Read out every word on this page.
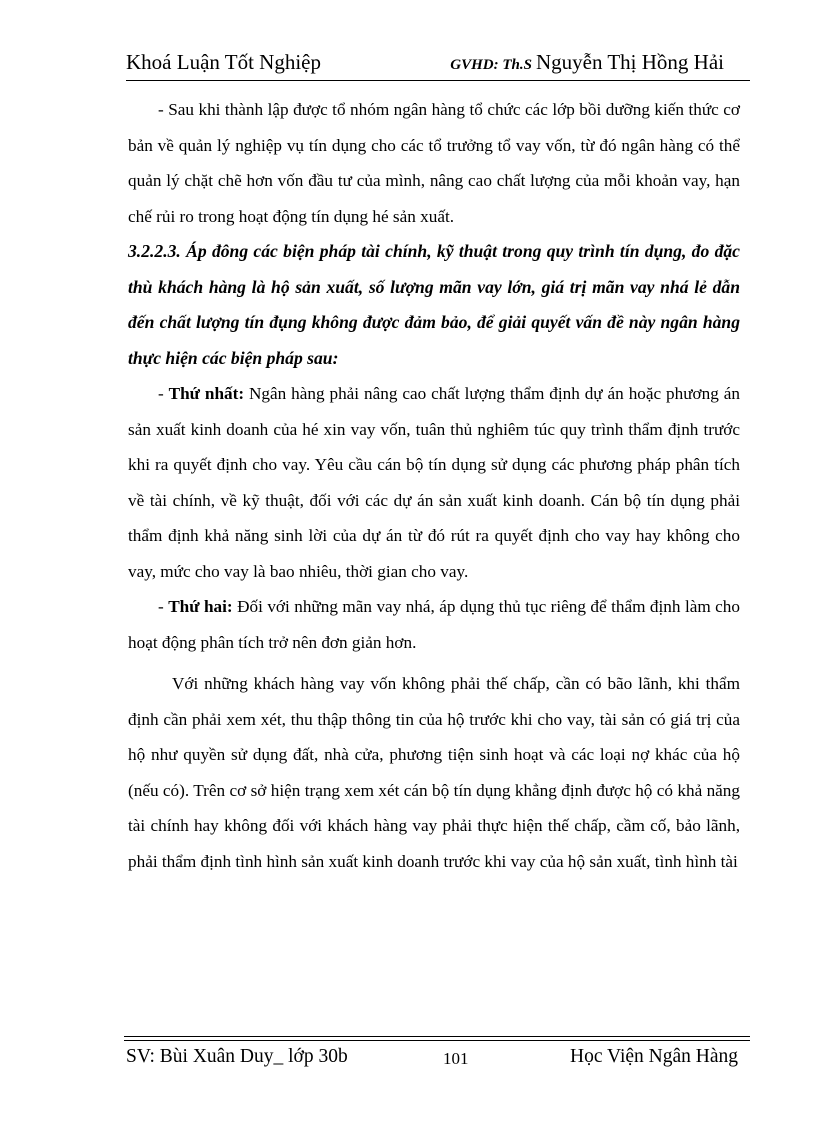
Khoá Luận Tốt Nghiệp	GVHD: Th.S Nguyễn Thị Hồng Hải

- Sau khi thành lập được tổ nhóm ngân hàng tổ chức các lớp bồi dưỡng kiến thức cơ bản về quản lý nghiệp vụ tín dụng cho các tổ trưởng tổ vay vốn, từ đó ngân hàng có thể quản lý chặt chẽ hơn vốn đầu tư của mình, nâng cao chất lượng của mỗi khoản vay, hạn chế rủi ro trong hoạt động tín dụng hé sản xuất.

3.2.2.3. Áp đông các biện pháp tài chính, kỹ thuật trong quy trình tín dụng, đo đặc thù khách hàng là hộ sản xuất, số lượng mãn vay lớn, giá trị mãn vay nhá lẻ dẫn đến chất lượng tín đụng không được đảm bảo, để giải quyết vấn đề này ngân hàng thực hiện các biện pháp sau:

- Thứ nhất: Ngân hàng phải nâng cao chất lượng thẩm định dự án hoặc phương án sản xuất kinh doanh của hé xin vay vốn, tuân thủ nghiêm túc quy trình thẩm định trước khi ra quyết định cho vay. Yêu cầu cán bộ tín dụng sử dụng các phương pháp phân tích về tài chính, về kỹ thuật, đối với các dự án sản xuất kinh doanh. Cán bộ tín dụng phải thẩm định khả năng sinh lời của dự án từ đó rút ra quyết định cho vay hay không cho vay, mức cho vay là bao nhiêu, thời gian cho vay.

- Thứ hai: Đối với những mãn vay nhá, áp dụng thủ tục riêng để thẩm định làm cho hoạt động phân tích trở nên đơn giản hơn.

Với những khách hàng vay vốn không phải thế chấp, cần có bão lãnh, khi thẩm định cần phải xem xét, thu thập thông tin của hộ trước khi cho vay, tài sản có giá trị của hộ như quyền sử dụng đất, nhà cửa, phương tiện sinh hoạt và các loại nợ khác của hộ (nếu có). Trên cơ sở hiện trạng xem xét cán bộ tín dụng khẳng định được hộ có khả năng tài chính hay không đối với khách hàng vay phải thực hiện thế chấp, cầm cố, bảo lãnh, phải thẩm định tình hình sản xuất kinh doanh trước khi vay của hộ sản xuất, tình hình tài

SV: Bùi Xuân Duy_ lớp 30b	101	Học Viện Ngân Hàng
